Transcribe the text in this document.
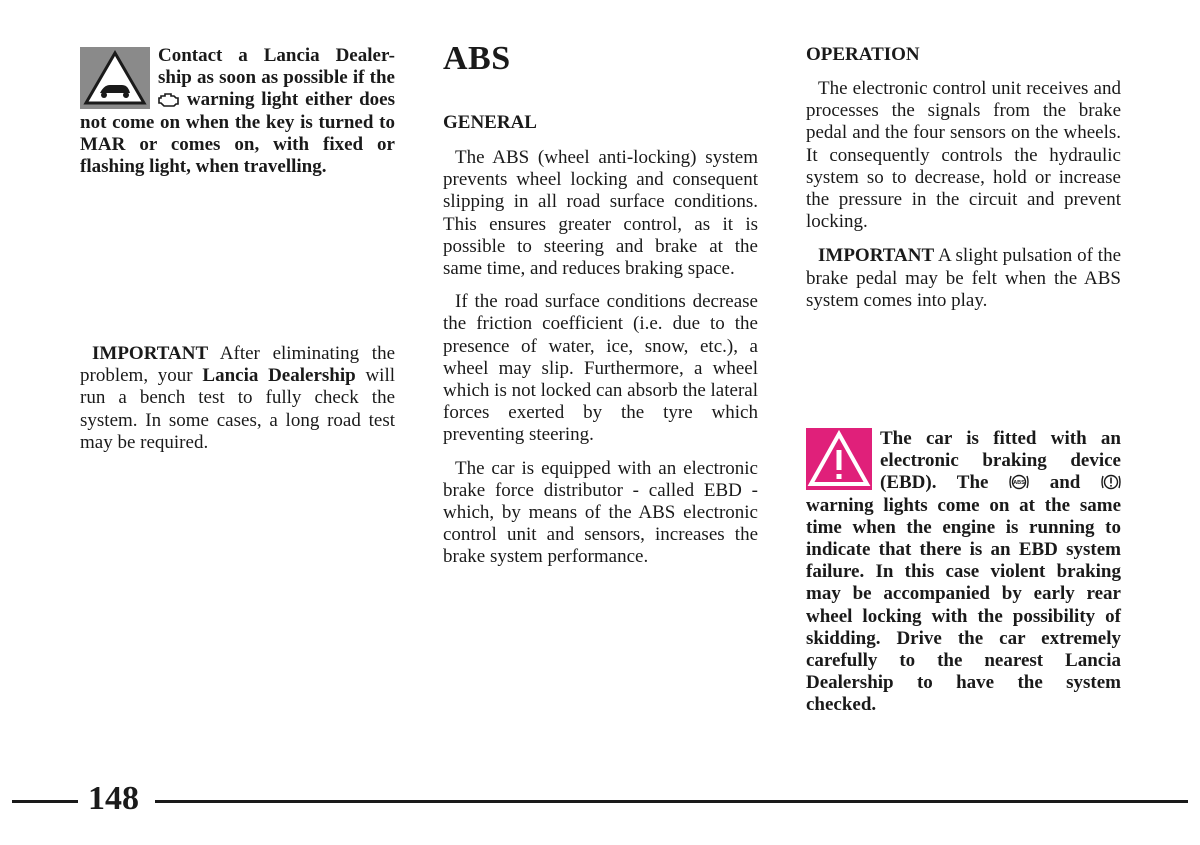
Contact a Lancia Dealer-ship as soon as possible if the  warning light either does not come on when the key is turned to MAR or comes on, with fixed or flashing light, when travelling.

IMPORTANT After eliminating the problem, your Lancia Dealership will run a bench test to fully check the system. In some cases, a long road test may be required.

ABS
GENERAL

The ABS (wheel anti-locking) system prevents wheel locking and consequent slipping in all road surface conditions. This ensures greater control, as it is possible to steering and brake at the same time, and reduces braking space.

If the road surface conditions decrease the friction coefficient (i.e. due to the presence of water, ice, snow, etc.), a wheel may slip. Furthermore, a wheel which is not locked can absorb the lateral forces exerted by the tyre which preventing steering.

The car is equipped with an electronic brake force distributor - called EBD - which, by means of the ABS electronic control unit and sensors, increases the brake system performance.

OPERATION

The electronic control unit receives and processes the signals from the brake pedal and the four sensors on the wheels. It consequently controls the hydraulic system so to decrease, hold or increase the pressure in the circuit and prevent locking.

IMPORTANT A slight pulsation of the brake pedal may be felt when the ABS system comes into play.

The car is fitted with an electronic braking device (EBD). The	ABS and  warning lights come on at the same time when the engine is running to indicate that there is an EBD system failure. In this case violent braking may be accompanied by early rear wheel locking with the possibility of skidding. Drive the car extremely carefully to the nearest Lancia Dealership to have the system checked.

148
